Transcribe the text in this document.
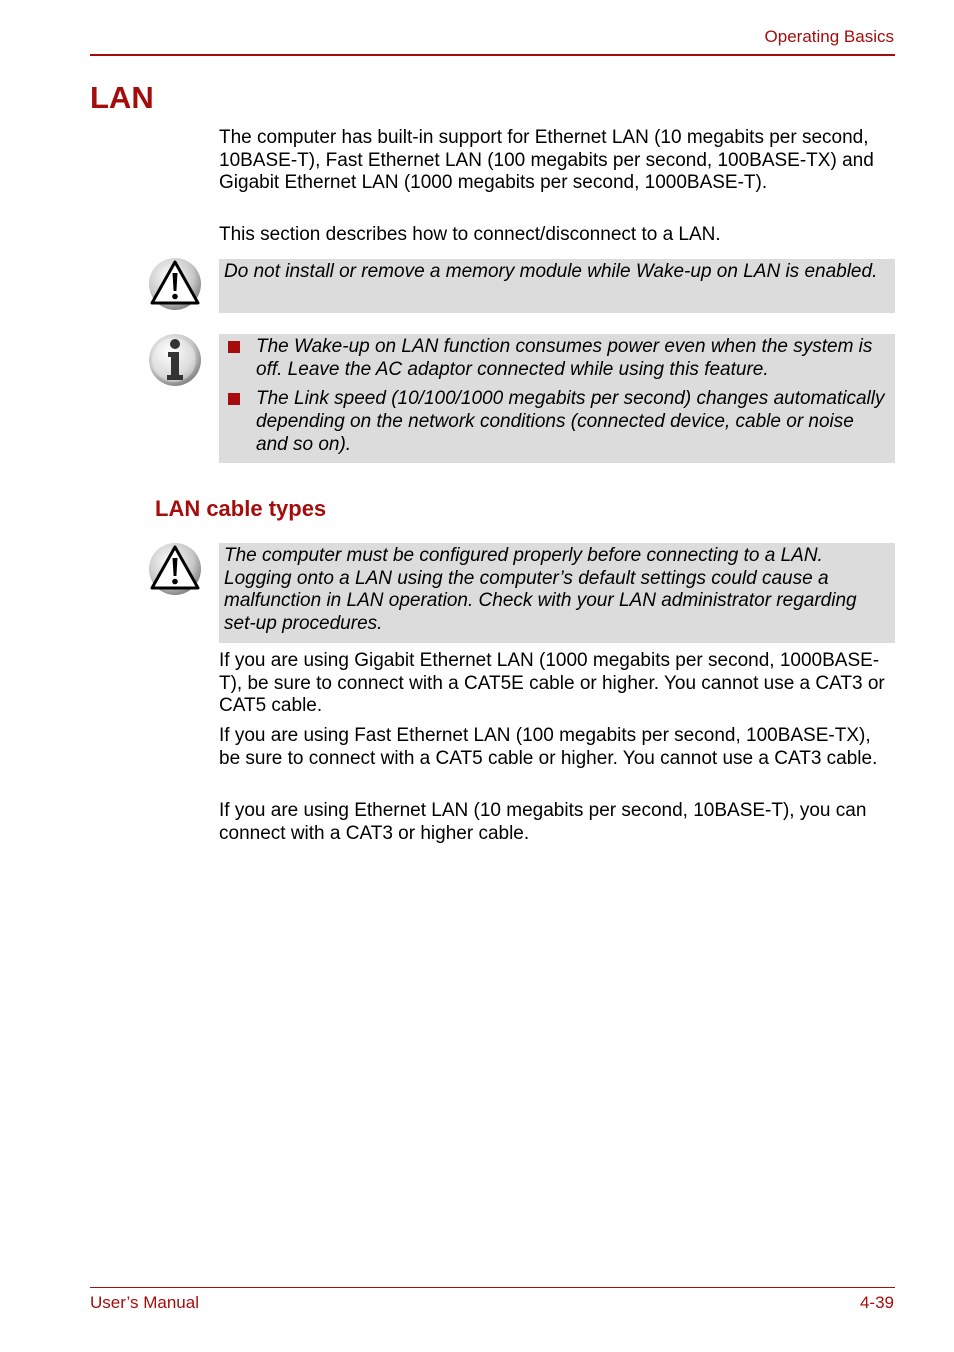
Operating Basics
LAN

The computer has built-in support for Ethernet LAN (10 megabits per second, 10BASE-T), Fast Ethernet LAN (100 megabits per second, 100BASE-TX) and Gigabit Ethernet LAN (1000 megabits per second, 1000BASE-T).

This section describes how to connect/disconnect to a LAN.

Do not install or remove a memory module while Wake-up on LAN is enabled.
The Wake-up on LAN function consumes power even when the system is off. Leave the AC adaptor connected while using this feature.
The Link speed (10/100/1000 megabits per second) changes automatically depending on the network conditions (connected device, cable or noise and so on).
LAN cable types
The computer must be configured properly before connecting to a LAN. Logging onto a LAN using the computer’s default settings could cause a malfunction in LAN operation. Check with your LAN administrator regarding set-up procedures.

If you are using Gigabit Ethernet LAN (1000 megabits per second, 1000BASE-T), be sure to connect with a CAT5E cable or higher. You cannot use a CAT3 or CAT5 cable.

If you are using Fast Ethernet LAN (100 megabits per second, 100BASE-TX), be sure to connect with a CAT5 cable or higher. You cannot use a CAT3 cable.

If you are using Ethernet LAN (10 megabits per second, 10BASE-T), you can connect with a CAT3 or higher cable.

User’s Manual	4-39
